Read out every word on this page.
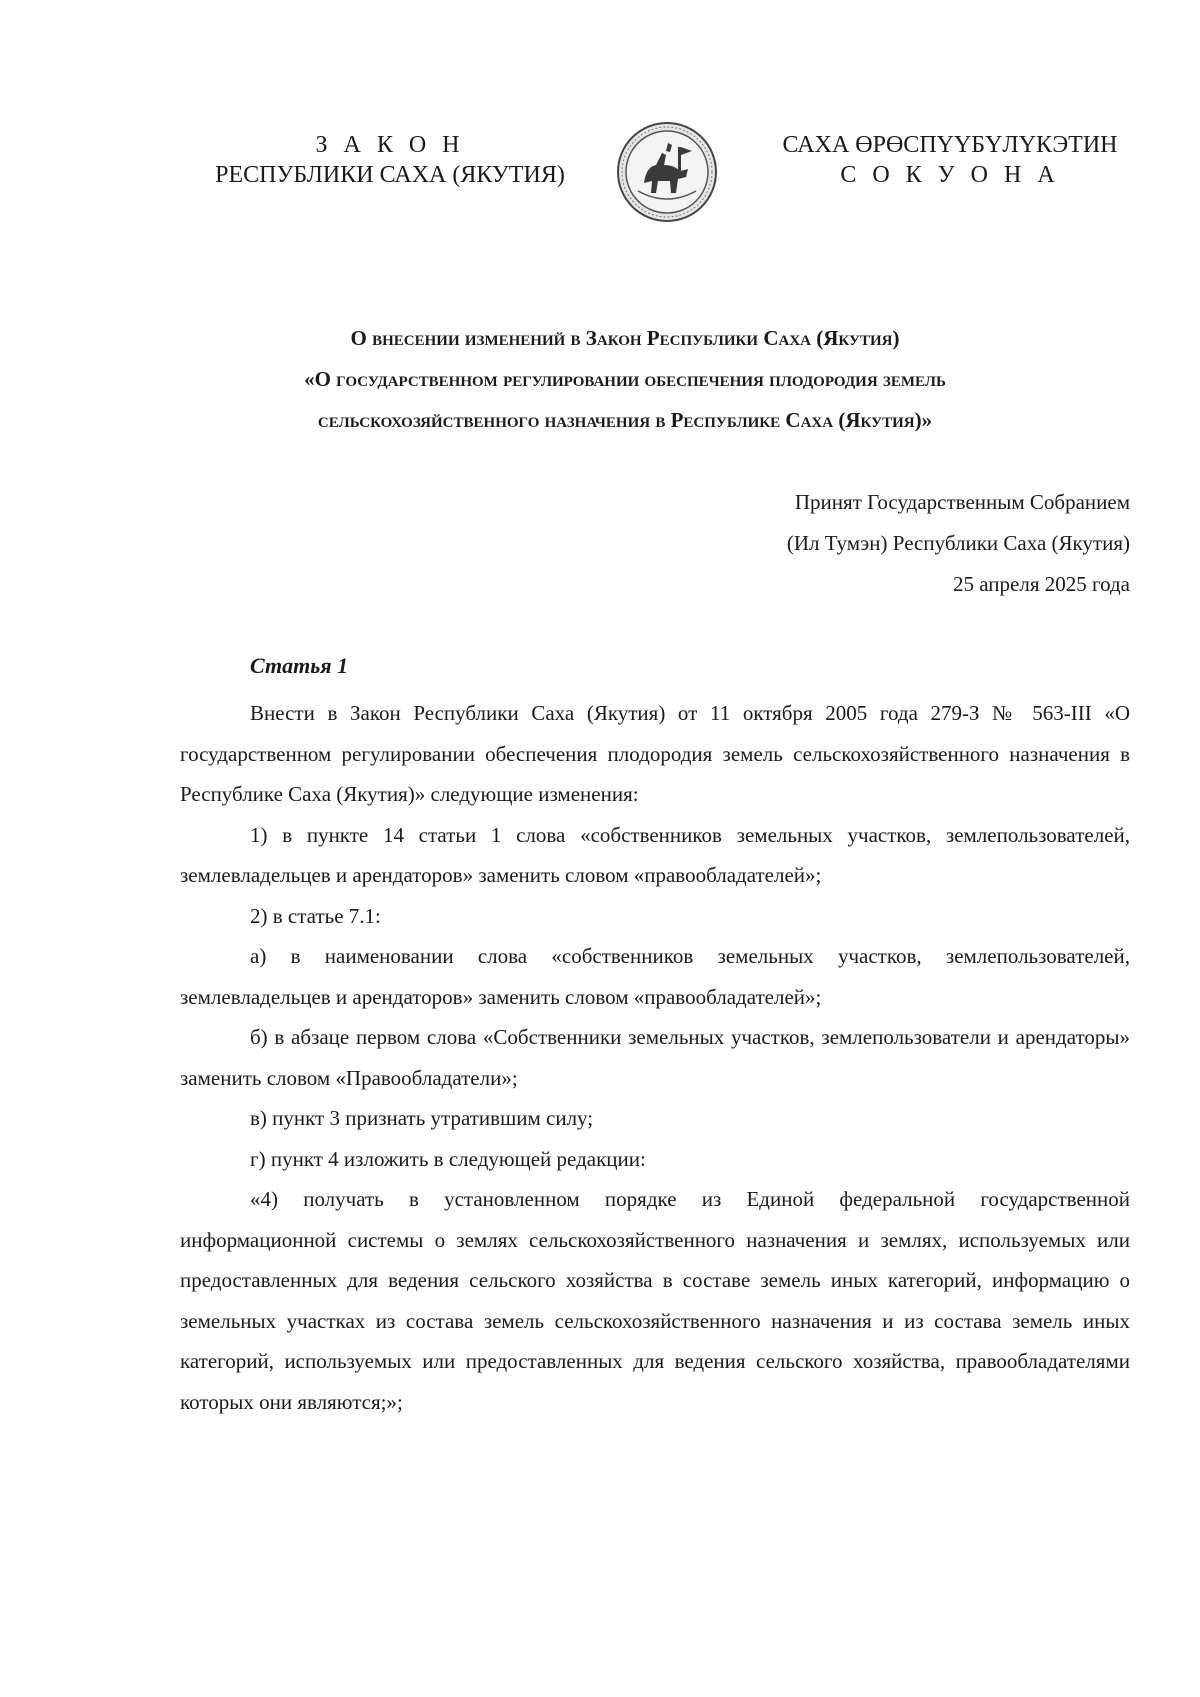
З А К О Н
РЕСПУБЛИКИ САХА (ЯКУТИЯ)
САХА ӨРӨСПҮҮБҮЛҮКЭТИН
С О К У О Н А
О внесении изменений в Закон Республики Саха (Якутия)
«О государственном регулировании обеспечения плодородия земель
сельскохозяйственного назначения в Республике Саха (Якутия)»
Принят Государственным Собранием
(Ил Тумэн) Республики Саха (Якутия)
25 апреля 2025 года
Статья 1

Внести в Закон Республики Саха (Якутия) от 11 октября 2005 года 279-З № 563-III «О государственном регулировании обеспечения плодородия земель сельскохозяйственного назначения в Республике Саха (Якутия)» следующие изменения:

1) в пункте 14 статьи 1 слова «собственников земельных участков, землепользователей, землевладельцев и арендаторов» заменить словом «правообладателей»;

2) в статье 7.1:

а) в наименовании слова «собственников земельных участков, землепользователей, землевладельцев и арендаторов» заменить словом «правообладателей»;

б) в абзаце первом слова «Собственники земельных участков, землепользователи и арендаторы» заменить словом «Правообладатели»;

в) пункт 3 признать утратившим силу;

г) пункт 4 изложить в следующей редакции:

«4) получать в установленном порядке из Единой федеральной государственной информационной системы о землях сельскохозяйственного назначения и землях, используемых или предоставленных для ведения сельского хозяйства в составе земель иных категорий, информацию о земельных участках из состава земель сельскохозяйственного назначения и из состава земель иных категорий, используемых или предоставленных для ведения сельского хозяйства, правообладателями которых они являются;»;
